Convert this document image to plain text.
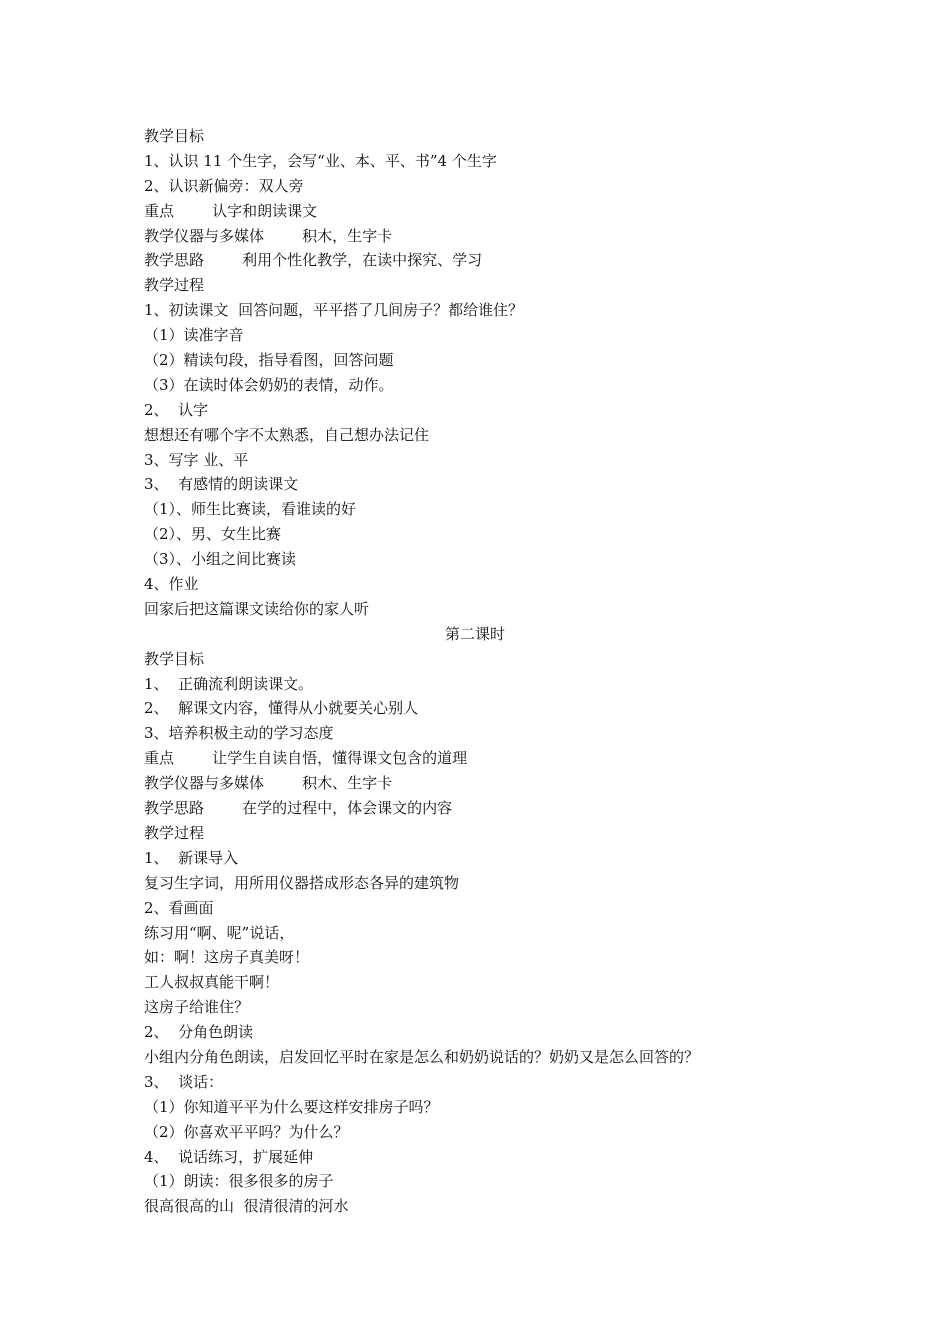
教学目标
1、认识 11 个生字，会写“业、本、平、书”4 个生字
2、认识新偏旁：双人旁
重点        认字和朗读课文
教学仪器与多媒体        积木，生字卡
教学思路        利用个性化教学，在读中探究、学习
教学过程
1、初读课文  回答问题，平平搭了几间房子？都给谁住？
（1）读准字音
（2）精读句段，指导看图，回答问题
（3）在读时体会奶奶的表情，动作。
2、  认字
想想还有哪个字不太熟悉，自己想办法记住
3、写字 业、平
3、  有感情的朗读课文
（1）、师生比赛读，看谁读的好
（2）、男、女生比赛
（3）、小组之间比赛读
4、作业
回家后把这篇课文读给你的家人听
第二课时
教学目标
1、  正确流利朗读课文。
2、  解课文内容，懂得从小就要关心别人
3、培养积极主动的学习态度
重点        让学生自读自悟，懂得课文包含的道理
教学仪器与多媒体        积木、生字卡
教学思路        在学的过程中，体会课文的内容
教学过程
1、  新课导入
复习生字词，用所用仪器搭成形态各异的建筑物
2、看画面
练习用“啊、呢”说话，
如：啊！这房子真美呀！
工人叔叔真能干啊！
这房子给谁住？
2、  分角色朗读
小组内分角色朗读，启发回忆平时在家是怎么和奶奶说话的？奶奶又是怎么回答的？
3、  谈话：
（1）你知道平平为什么要这样安排房子吗？
（2）你喜欢平平吗？为什么？
4、  说话练习，扩展延伸
（1）朗读：很多很多的房子
很高很高的山  很清很清的河水
